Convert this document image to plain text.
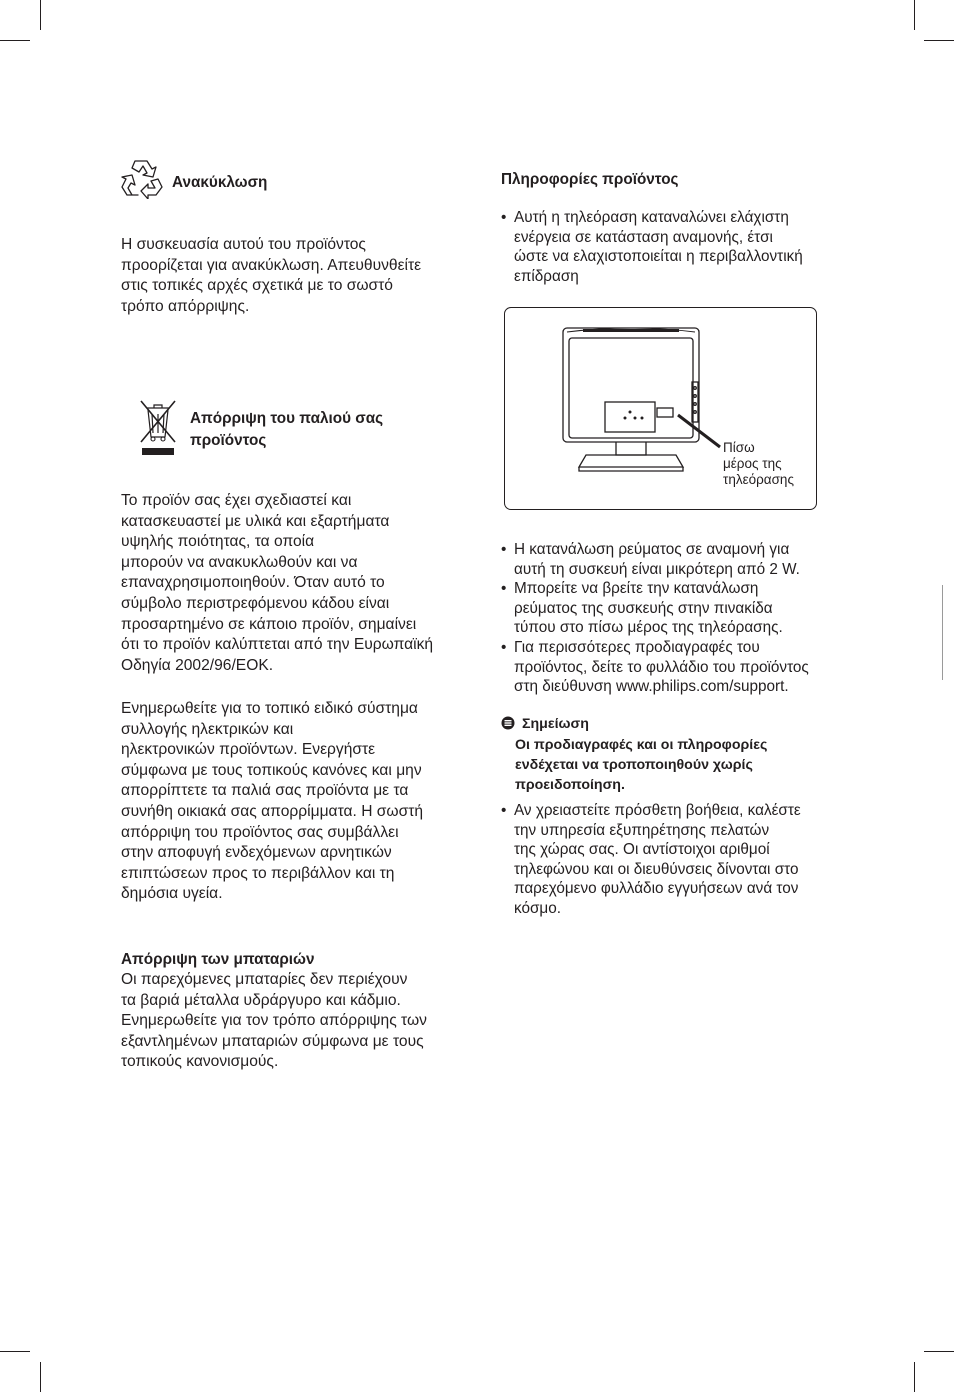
Ανακύκλωση
Η συσκευασία αυτού του προϊόντος
προορίζεται για ανακύκλωση. Απευθυνθείτε
στις τοπικές αρχές σχετικά με το σωστό
τρόπο απόρριψης.
Απόρριψη του παλιού σας
προϊόντος
Το προϊόν σας έχει σχεδιαστεί και
κατασκευαστεί με υλικά και εξαρτήματα
υψηλής ποιότητας, τα οποία
μπορούν να ανακυκλωθούν και να
επαναχρησιμοποιηθούν. Όταν αυτό το
σύμβολο περιστρεφόμενου κάδου είναι
προσαρτημένο σε κάποιο προϊόν, σημαίνει
ότι το προϊόν καλύπτεται από την Ευρωπαϊκή
Οδηγία 2002/96/ΕΟΚ.
Ενημερωθείτε για το τοπικό ειδικό σύστημα
συλλογής ηλεκτρικών και
ηλεκτρονικών προϊόντων. Ενεργήστε
σύμφωνα με τους τοπικούς κανόνες και μην
απορρίπτετε τα παλιά σας προϊόντα με τα
συνήθη οικιακά σας απορρίμματα. Η σωστή
απόρριψη του προϊόντος σας συμβάλλει
στην αποφυγή ενδεχόμενων αρνητικών
επιπτώσεων προς το περιβάλλον και τη
δημόσια υγεία.
Απόρριψη των μπαταριών
Οι παρεχόμενες μπαταρίες δεν περιέχουν
τα βαριά μέταλλα υδράργυρο και κάδμιο.
Ενημερωθείτε για τον τρόπο απόρριψης των
εξαντλημένων μπαταριών σύμφωνα με τους
τοπικούς κανονισμούς.
Πληροφορίες προϊόντος
• Αυτή η τηλεόραση καταναλώνει ελάχιστη
ενέργεια σε κατάσταση αναμονής, έτσι
ώστε να ελαχιστοποιείται η περιβαλλοντική
επίδραση
Πίσω
μέρος της
τηλεόρασης
• Η κατανάλωση ρεύματος σε αναμονή για
αυτή τη συσκευή είναι μικρότερη από 2 W.
• Μπορείτε να βρείτε την κατανάλωση
ρεύματος της συσκευής στην πινακίδα
τύπου στο πίσω μέρος της τηλεόρασης.
• Για περισσότερες προδιαγραφές του
προϊόντος, δείτε το φυλλάδιο του προϊόντος
στη διεύθυνση www.philips.com/support.
Σημείωση
Οι προδιαγραφές και οι πληροφορίες
ενδέχεται να τροποποιηθούν χωρίς
προειδοποίηση.
• Αν χρειαστείτε πρόσθετη βοήθεια, καλέστε
την υπηρεσία εξυπηρέτησης πελατών
της χώρας σας. Οι αντίστοιχοι αριθμοί
τηλεφώνου και οι διευθύνσεις δίνονται στο
παρεχόμενο φυλλάδιο εγγυήσεων ανά τον
κόσμο.
